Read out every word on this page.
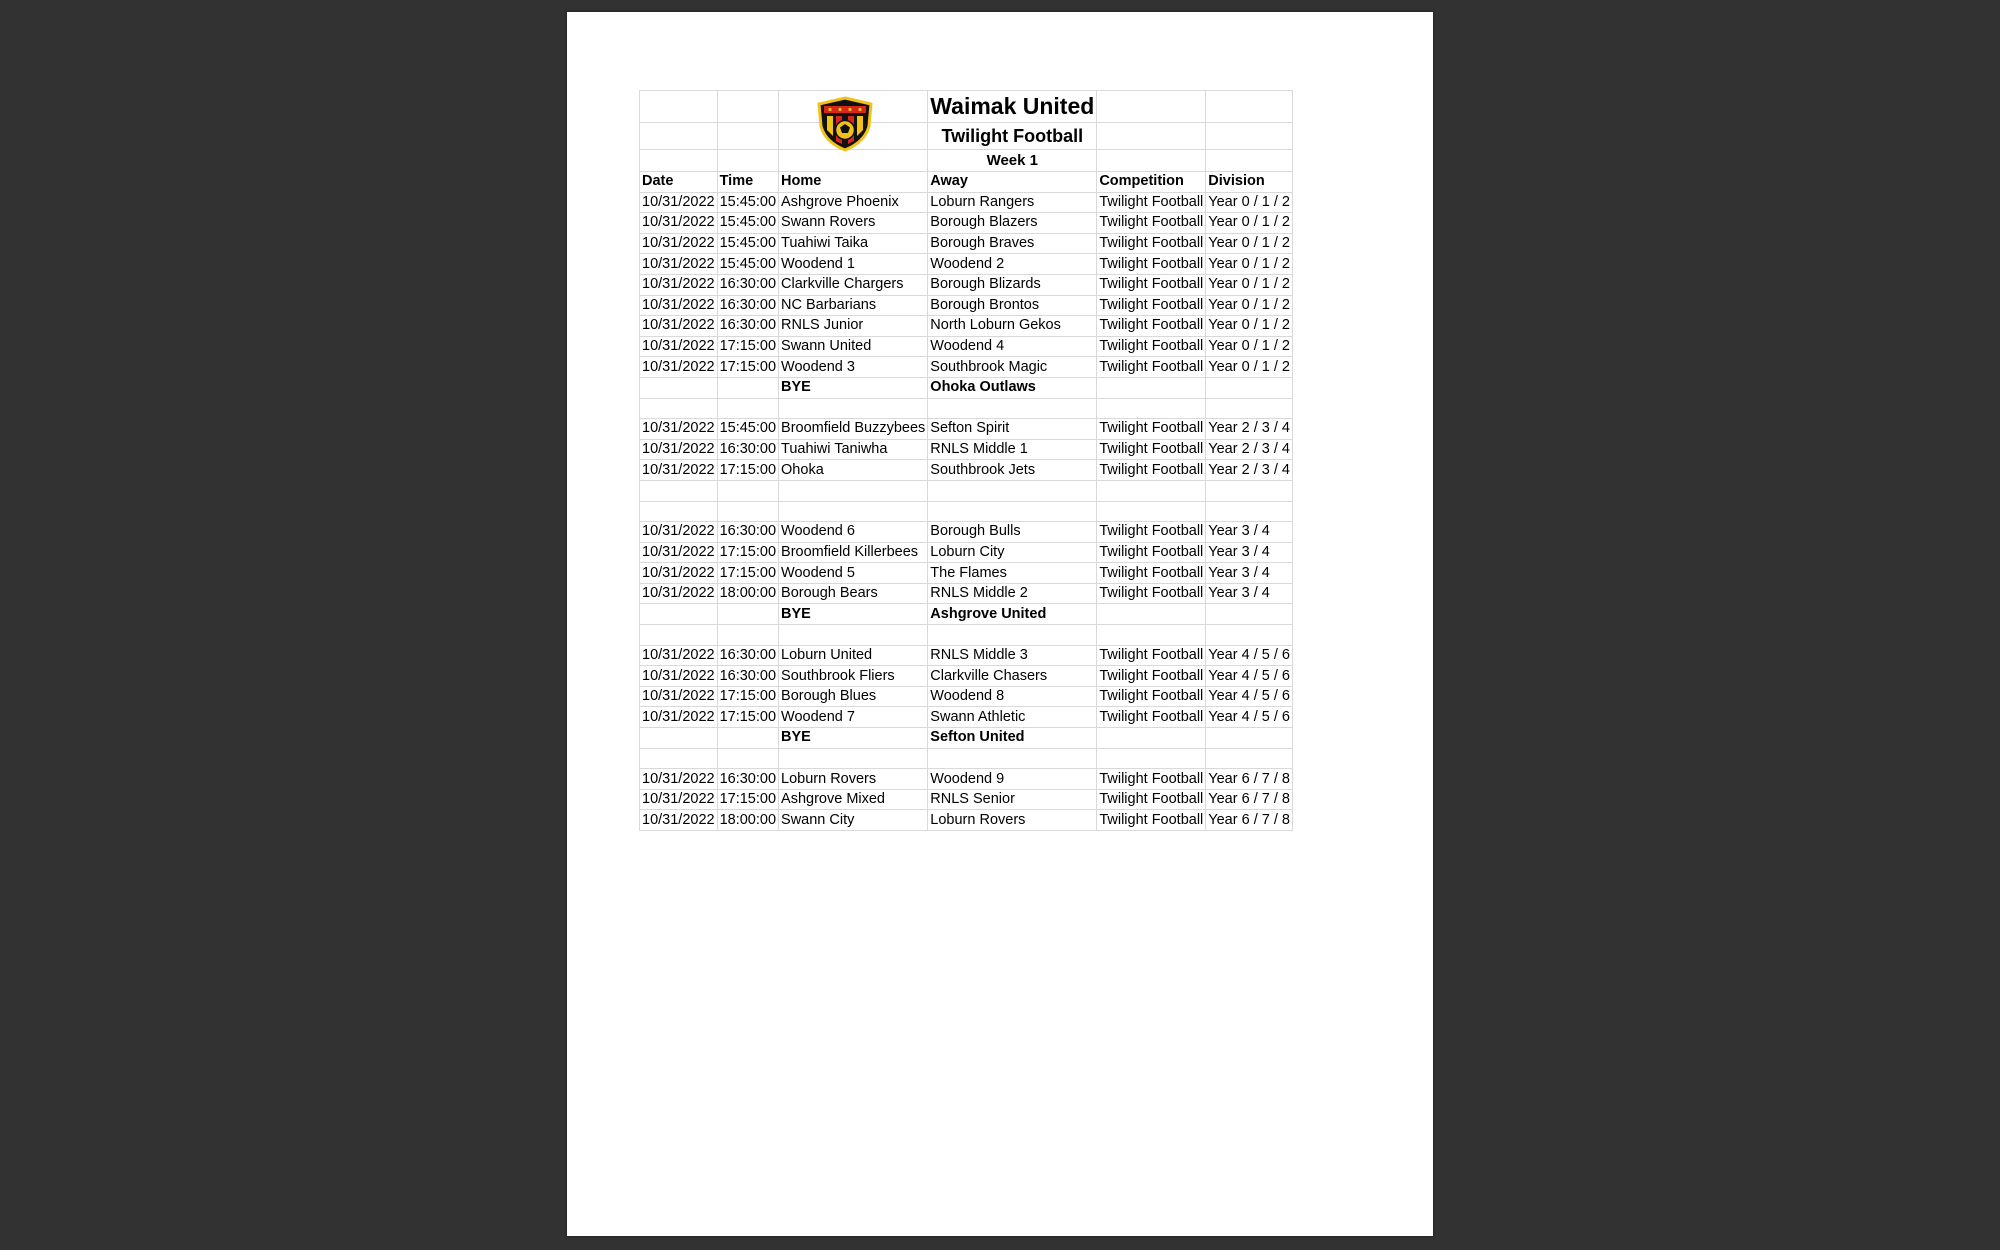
	Waimak United		
			Twilight Football		
			Week 1		
Date	Time	Home	Away	Competition	Division
10/31/2022	15:45:00	Ashgrove Phoenix	Loburn Rangers	Twilight Football	Year 0 / 1 / 2
10/31/2022	15:45:00	Swann Rovers	Borough Blazers	Twilight Football	Year 0 / 1 / 2
10/31/2022	15:45:00	Tuahiwi Taika	Borough Braves	Twilight Football	Year 0 / 1 / 2
10/31/2022	15:45:00	Woodend 1	Woodend 2	Twilight Football	Year 0 / 1 / 2
10/31/2022	16:30:00	Clarkville Chargers	Borough Blizards	Twilight Football	Year 0 / 1 / 2
10/31/2022	16:30:00	NC Barbarians	Borough Brontos	Twilight Football	Year 0 / 1 / 2
10/31/2022	16:30:00	RNLS Junior	North Loburn Gekos	Twilight Football	Year 0 / 1 / 2
10/31/2022	17:15:00	Swann United	Woodend 4	Twilight Football	Year 0 / 1 / 2
10/31/2022	17:15:00	Woodend 3	Southbrook Magic	Twilight Football	Year 0 / 1 / 2
		BYE	Ohoka Outlaws		

10/31/2022	15:45:00	Broomfield Buzzybees	Sefton Spirit	Twilight Football	Year 2 / 3 / 4
10/31/2022	16:30:00	Tuahiwi Taniwha	RNLS Middle 1	Twilight Football	Year 2 / 3 / 4
10/31/2022	17:15:00	Ohoka	Southbrook Jets	Twilight Football	Year 2 / 3 / 4

10/31/2022	16:30:00	Woodend 6	Borough Bulls	Twilight Football	Year 3 / 4
10/31/2022	17:15:00	Broomfield Killerbees	Loburn City	Twilight Football	Year 3 / 4
10/31/2022	17:15:00	Woodend 5	The Flames	Twilight Football	Year 3 / 4
10/31/2022	18:00:00	Borough Bears	RNLS Middle 2	Twilight Football	Year 3 / 4
		BYE	Ashgrove United		

10/31/2022	16:30:00	Loburn United	RNLS Middle 3	Twilight Football	Year 4 / 5 / 6
10/31/2022	16:30:00	Southbrook Fliers	Clarkville Chasers	Twilight Football	Year 4 / 5 / 6
10/31/2022	17:15:00	Borough Blues	Woodend 8	Twilight Football	Year 4 / 5 / 6
10/31/2022	17:15:00	Woodend 7	Swann Athletic	Twilight Football	Year 4 / 5 / 6
		BYE	Sefton United		

10/31/2022	16:30:00	Loburn Rovers	Woodend 9	Twilight Football	Year 6 / 7 / 8
10/31/2022	17:15:00	Ashgrove Mixed	RNLS Senior	Twilight Football	Year 6 / 7 / 8
10/31/2022	18:00:00	Swann City	Loburn Rovers	Twilight Football	Year 6 / 7 / 8
